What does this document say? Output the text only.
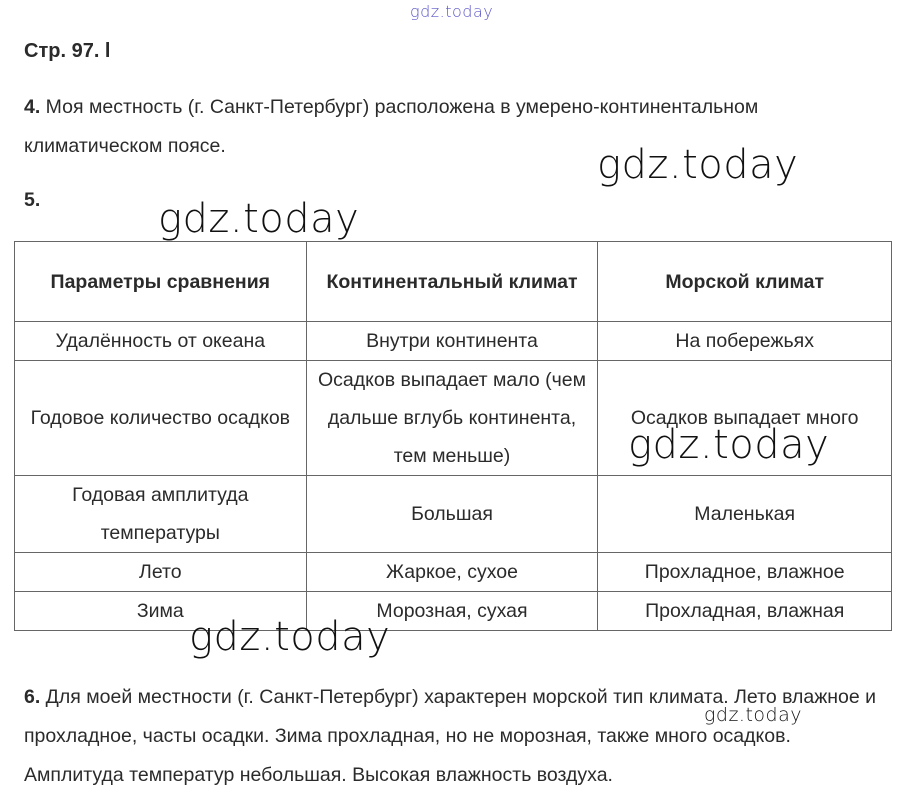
gdz.today
Стр. 97. l
4. Моя местность (г. Санкт-Петербург) расположена в умерено-континентальном климатическом поясе.
5.
Параметры сравнения	Континентальный климат	Морской климат
Удалённость от океана	Внутри континента	На побережьях
Годовое количество осадков	Осадков выпадает мало (чем дальше вглубь континента, тем меньше)	Осадков выпадает много
Годовая амплитуда температуры	Большая	Маленькая
Лето	Жаркое, сухое	Прохладное, влажное
Зима	Морозная, сухая	Прохладная, влажная
6. Для моей местности (г. Санкт-Петербург) характерен морской тип климата. Лето влажное и прохладное, часты осадки. Зима прохладная, но не морозная, также много осадков. Амплитуда температур небольшая. Высокая влажность воздуха.
gdz.today
gdz.today
gdz.today
gdz.today
gdz.today
